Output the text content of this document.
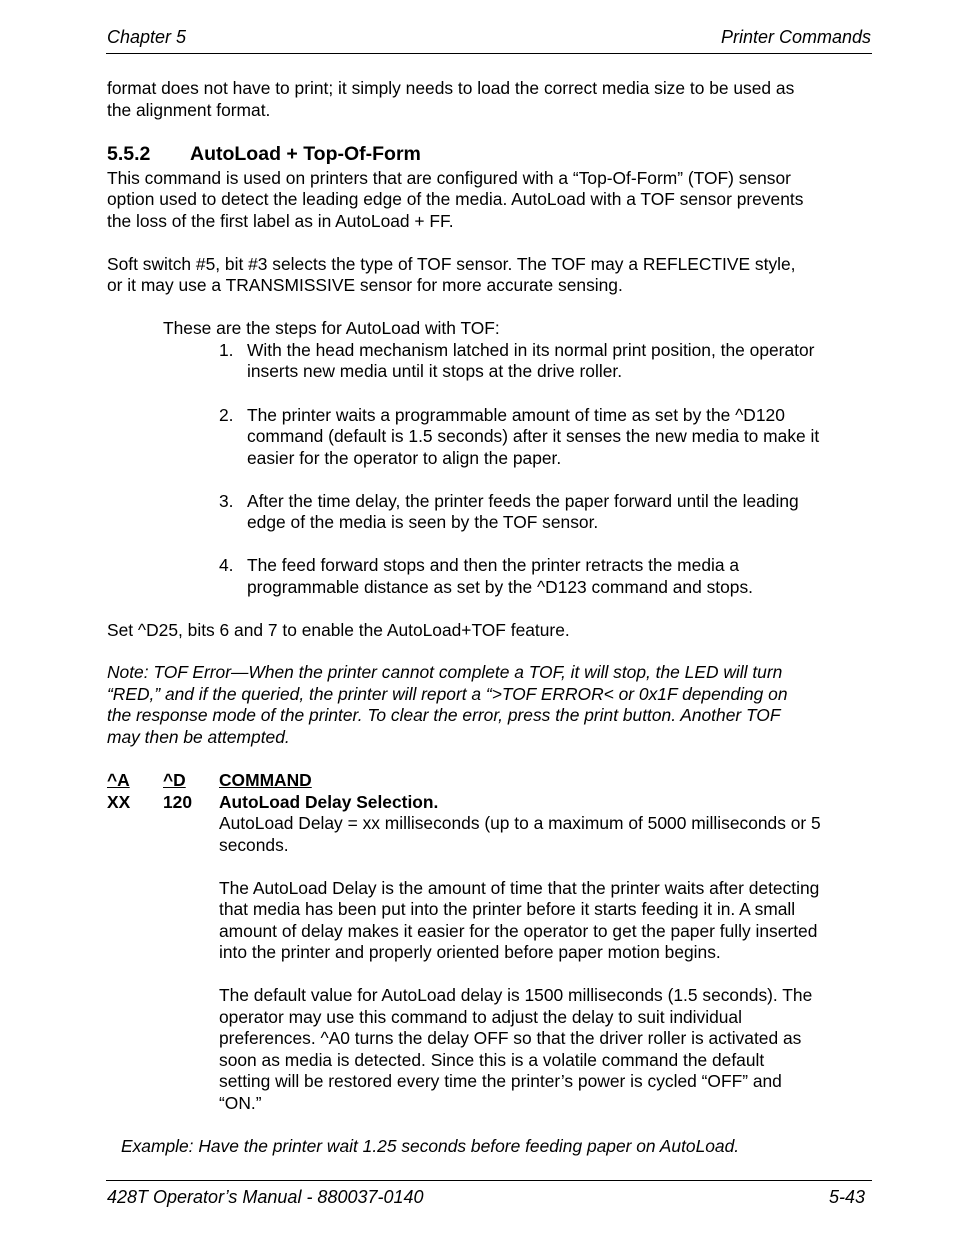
Chapter 5	Printer Commands
format does not have to print; it simply needs to load the correct media size to be used as
the alignment format.
5.5.2 AutoLoad + Top-Of-Form
This command is used on printers that are configured with a “Top-Of-Form” (TOF) sensor
option used to detect the leading edge of the media. AutoLoad with a TOF sensor prevents
the loss of the first label as in AutoLoad + FF.
Soft switch #5, bit #3 selects the type of TOF sensor. The TOF may a REFLECTIVE style,
or it may use a TRANSMISSIVE sensor for more accurate sensing.
These are the steps for AutoLoad with TOF:
1. With the head mechanism latched in its normal print position, the operator
inserts new media until it stops at the drive roller.
2. The printer waits a programmable amount of time as set by the ^D120
command (default is 1.5 seconds) after it senses the new media to make it
easier for the operator to align the paper.
3. After the time delay, the printer feeds the paper forward until the leading
edge of the media is seen by the TOF sensor.
4. The feed forward stops and then the printer retracts the media a
programmable distance as set by the ^D123 command and stops.
Set ^D25, bits 6 and 7 to enable the AutoLoad+TOF feature.
Note: TOF Error—When the printer cannot complete a TOF, it will stop, the LED will turn
“RED,” and if the queried, the printer will report a “>TOF ERROR< or 0x1F depending on
the response mode of the printer. To clear the error, press the print button. Another TOF
may then be attempted.
^A ^D COMMAND
XX 120 AutoLoad Delay Selection.
AutoLoad Delay = xx milliseconds (up to a maximum of 5000 milliseconds or 5
seconds.
The AutoLoad Delay is the amount of time that the printer waits after detecting
that media has been put into the printer before it starts feeding it in. A small
amount of delay makes it easier for the operator to get the paper fully inserted
into the printer and properly oriented before paper motion begins.
The default value for AutoLoad delay is 1500 milliseconds (1.5 seconds). The
operator may use this command to adjust the delay to suit individual
preferences. ^A0 turns the delay OFF so that the driver roller is activated as
soon as media is detected. Since this is a volatile command the default
setting will be restored every time the printer’s power is cycled “OFF” and
“ON.”
Example: Have the printer wait 1.25 seconds before feeding paper on AutoLoad.
428T Operator’s Manual - 880037-0140	5-43
